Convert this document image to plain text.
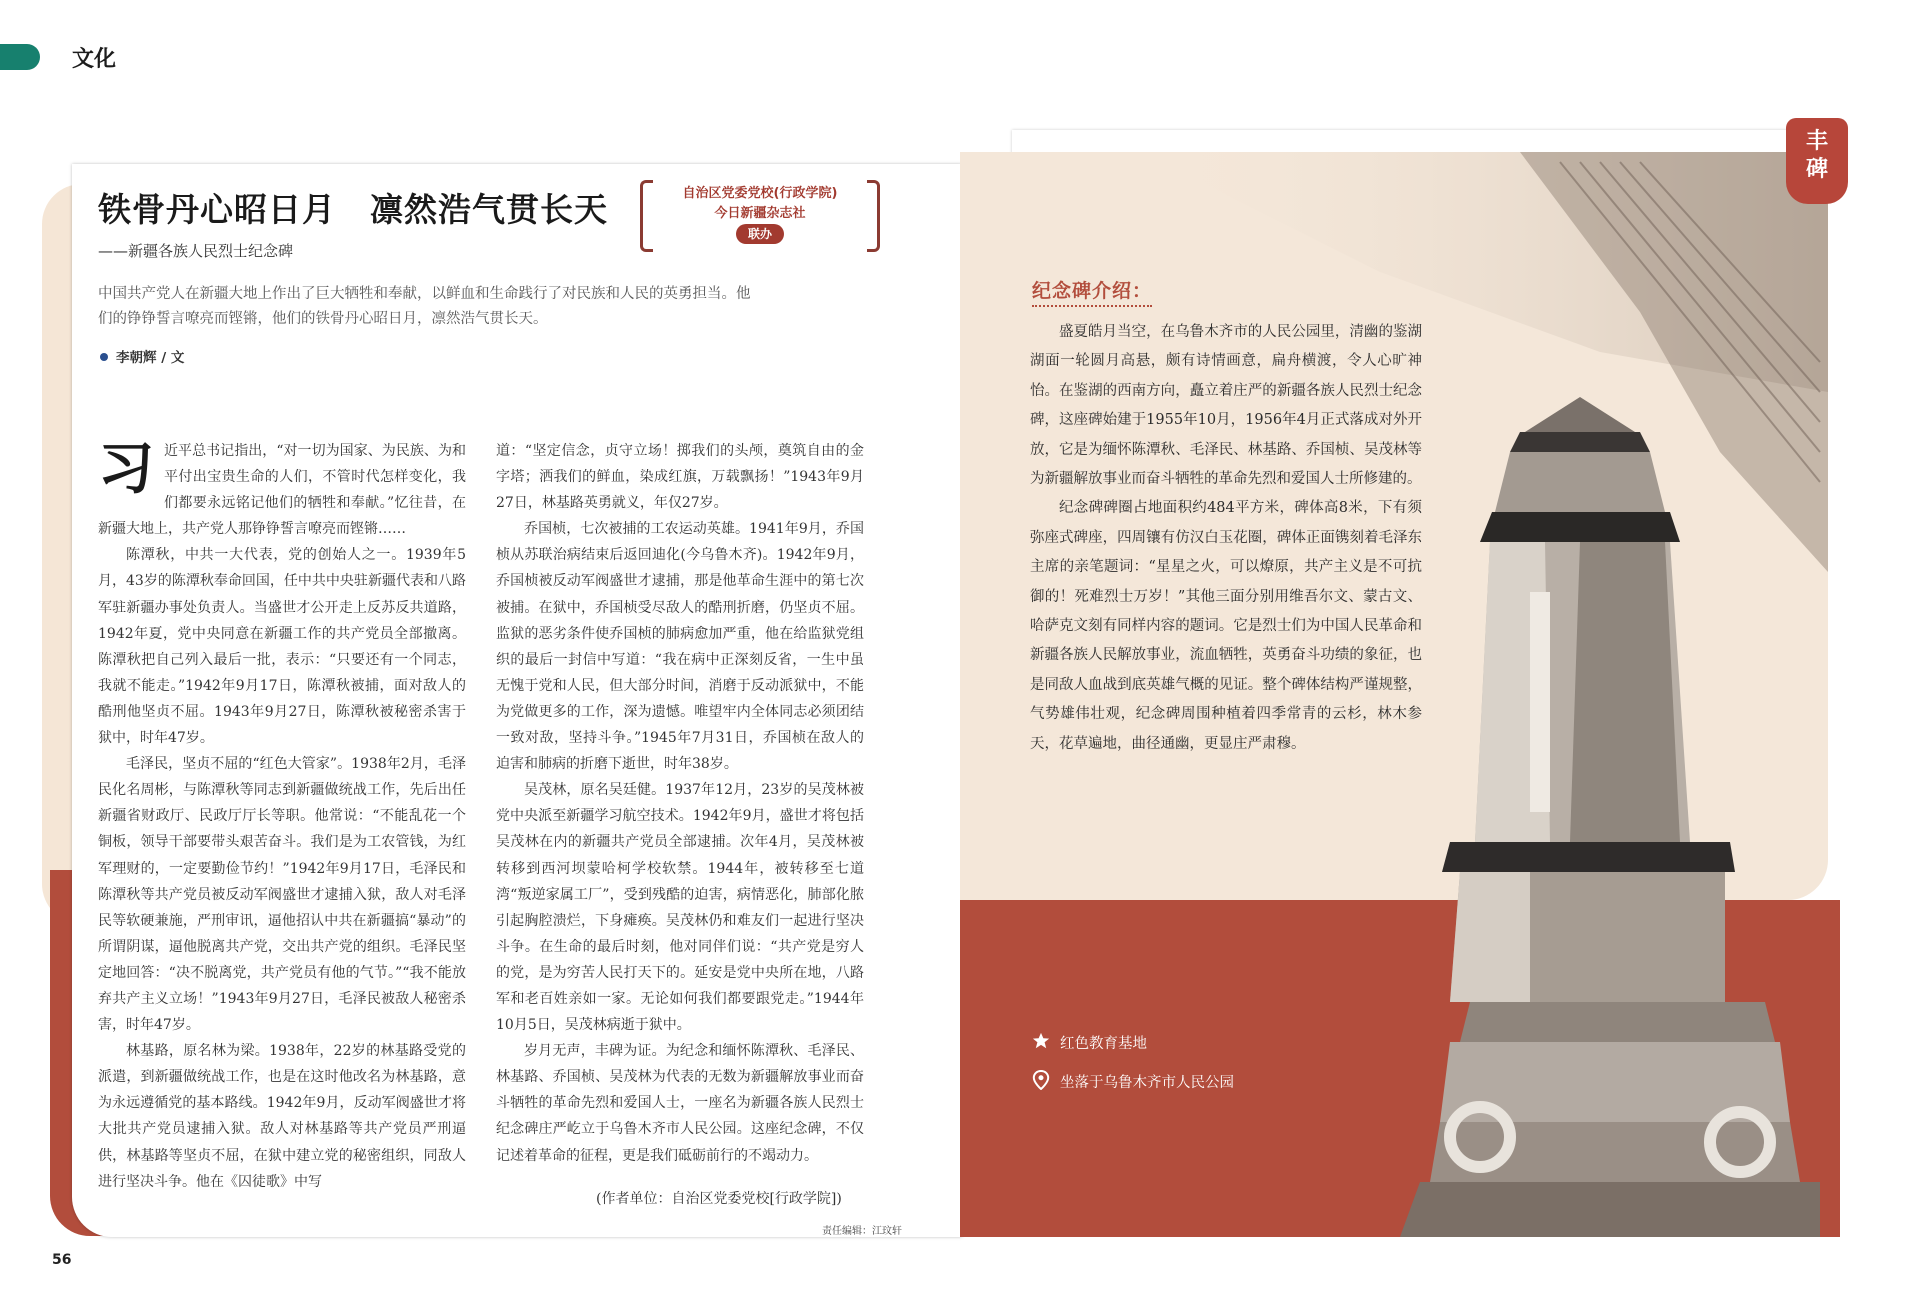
文化
丰
碑
铁骨丹心昭日月　凛然浩气贯长天
——新疆各族人民烈士纪念碑
自治区党委党校(行政学院)
今日新疆杂志社
联办
中国共产党人在新疆大地上作出了巨大牺牲和奉献，以鲜血和生命践行了对民族和人民的英勇担当。他们的铮铮誓言嘹亮而铿锵，他们的铁骨丹心昭日月，凛然浩气贯长天。
李朝辉 / 文

习近平总书记指出，“对一切为国家、为民族、为和平付出宝贵生命的人们，不管时代怎样变化，我们都要永远铭记他们的牺牲和奉献。”忆往昔，在新疆大地上，共产党人那铮铮誓言嘹亮而铿锵……

陈潭秋，中共一大代表，党的创始人之一。1939年5月，43岁的陈潭秋奉命回国，任中共中央驻新疆代表和八路军驻新疆办事处负责人。当盛世才公开走上反苏反共道路，1942年夏，党中央同意在新疆工作的共产党员全部撤离。陈潭秋把自己列入最后一批，表示：“只要还有一个同志，我就不能走。”1942年9月17日，陈潭秋被捕，面对敌人的酷刑他坚贞不屈。1943年9月27日，陈潭秋被秘密杀害于狱中，时年47岁。

毛泽民，坚贞不屈的“红色大管家”。1938年2月，毛泽民化名周彬，与陈潭秋等同志到新疆做统战工作，先后出任新疆省财政厅、民政厅厅长等职。他常说：“不能乱花一个铜板，领导干部要带头艰苦奋斗。我们是为工农管钱，为红军理财的，一定要勤俭节约！”1942年9月17日，毛泽民和陈潭秋等共产党员被反动军阀盛世才逮捕入狱，敌人对毛泽民等软硬兼施，严刑审讯，逼他招认中共在新疆搞“暴动”的所谓阴谋，逼他脱离共产党，交出共产党的组织。毛泽民坚定地回答：“决不脱离党，共产党员有他的气节。”“我不能放弃共产主义立场！”1943年9月27日，毛泽民被敌人秘密杀害，时年47岁。

林基路，原名林为梁。1938年，22岁的林基路受党的派遣，到新疆做统战工作，也是在这时他改名为林基路，意为永远遵循党的基本路线。1942年9月，反动军阀盛世才将大批共产党员逮捕入狱。敌人对林基路等共产党员严刑逼供，林基路等坚贞不屈，在狱中建立党的秘密组织，同敌人进行坚决斗争。他在《囚徒歌》中写

道：“坚定信念，贞守立场！掷我们的头颅，奠筑自由的金字塔；洒我们的鲜血，染成红旗，万载飘扬！”1943年9月27日，林基路英勇就义，年仅27岁。

乔国桢，七次被捕的工农运动英雄。1941年9月，乔国桢从苏联治病结束后返回迪化(今乌鲁木齐)。1942年9月，乔国桢被反动军阀盛世才逮捕，那是他革命生涯中的第七次被捕。在狱中，乔国桢受尽敌人的酷刑折磨，仍坚贞不屈。监狱的恶劣条件使乔国桢的肺病愈加严重，他在给监狱党组织的最后一封信中写道：“我在病中正深刻反省，一生中虽无愧于党和人民，但大部分时间，消磨于反动派狱中，不能为党做更多的工作，深为遗憾。唯望牢内全体同志必须团结一致对敌，坚持斗争。”1945年7月31日，乔国桢在敌人的迫害和肺病的折磨下逝世，时年38岁。

吴茂林，原名吴廷健。1937年12月，23岁的吴茂林被党中央派至新疆学习航空技术。1942年9月，盛世才将包括吴茂林在内的新疆共产党员全部逮捕。次年4月，吴茂林被转移到西河坝蒙哈柯学校软禁。1944年，被转移至七道湾“叛逆家属工厂”，受到残酷的迫害，病情恶化，肺部化脓引起胸腔溃烂，下身瘫痪。吴茂林仍和难友们一起进行坚决斗争。在生命的最后时刻，他对同伴们说：“共产党是穷人的党，是为穷苦人民打天下的。延安是党中央所在地，八路军和老百姓亲如一家。无论如何我们都要跟党走。”1944年10月5日，吴茂林病逝于狱中。

岁月无声，丰碑为证。为纪念和缅怀陈潭秋、毛泽民、林基路、乔国桢、吴茂林为代表的无数为新疆解放事业而奋斗牺牲的革命先烈和爱国人士，一座名为新疆各族人民烈士纪念碑庄严屹立于乌鲁木齐市人民公园。这座纪念碑，不仅记述着革命的征程，更是我们砥砺前行的不竭动力。

(作者单位：自治区党委党校[行政学院])
责任编辑：江玟轩
56
纪念碑介绍：

盛夏皓月当空，在乌鲁木齐市的人民公园里，清幽的鉴湖湖面一轮圆月高悬，颇有诗情画意，扁舟横渡，令人心旷神怡。在鉴湖的西南方向，矗立着庄严的新疆各族人民烈士纪念碑，这座碑始建于1955年10月，1956年4月正式落成对外开放，它是为缅怀陈潭秋、毛泽民、林基路、乔国桢、吴茂林等为新疆解放事业而奋斗牺牲的革命先烈和爱国人士所修建的。

纪念碑碑圈占地面积约484平方米，碑体高8米，下有须弥座式碑座，四周镶有仿汉白玉花圈，碑体正面镌刻着毛泽东主席的亲笔题词：“星星之火，可以燎原，共产主义是不可抗御的！死难烈士万岁！”其他三面分别用维吾尔文、蒙古文、哈萨克文刻有同样内容的题词。它是烈士们为中国人民革命和新疆各族人民解放事业，流血牺牲，英勇奋斗功绩的象征，也是同敌人血战到底英雄气概的见证。整个碑体结构严谨规整，气势雄伟壮观，纪念碑周围种植着四季常青的云杉，林木参天，花草遍地，曲径通幽，更显庄严肃穆。

红色教育基地
坐落于乌鲁木齐市人民公园
